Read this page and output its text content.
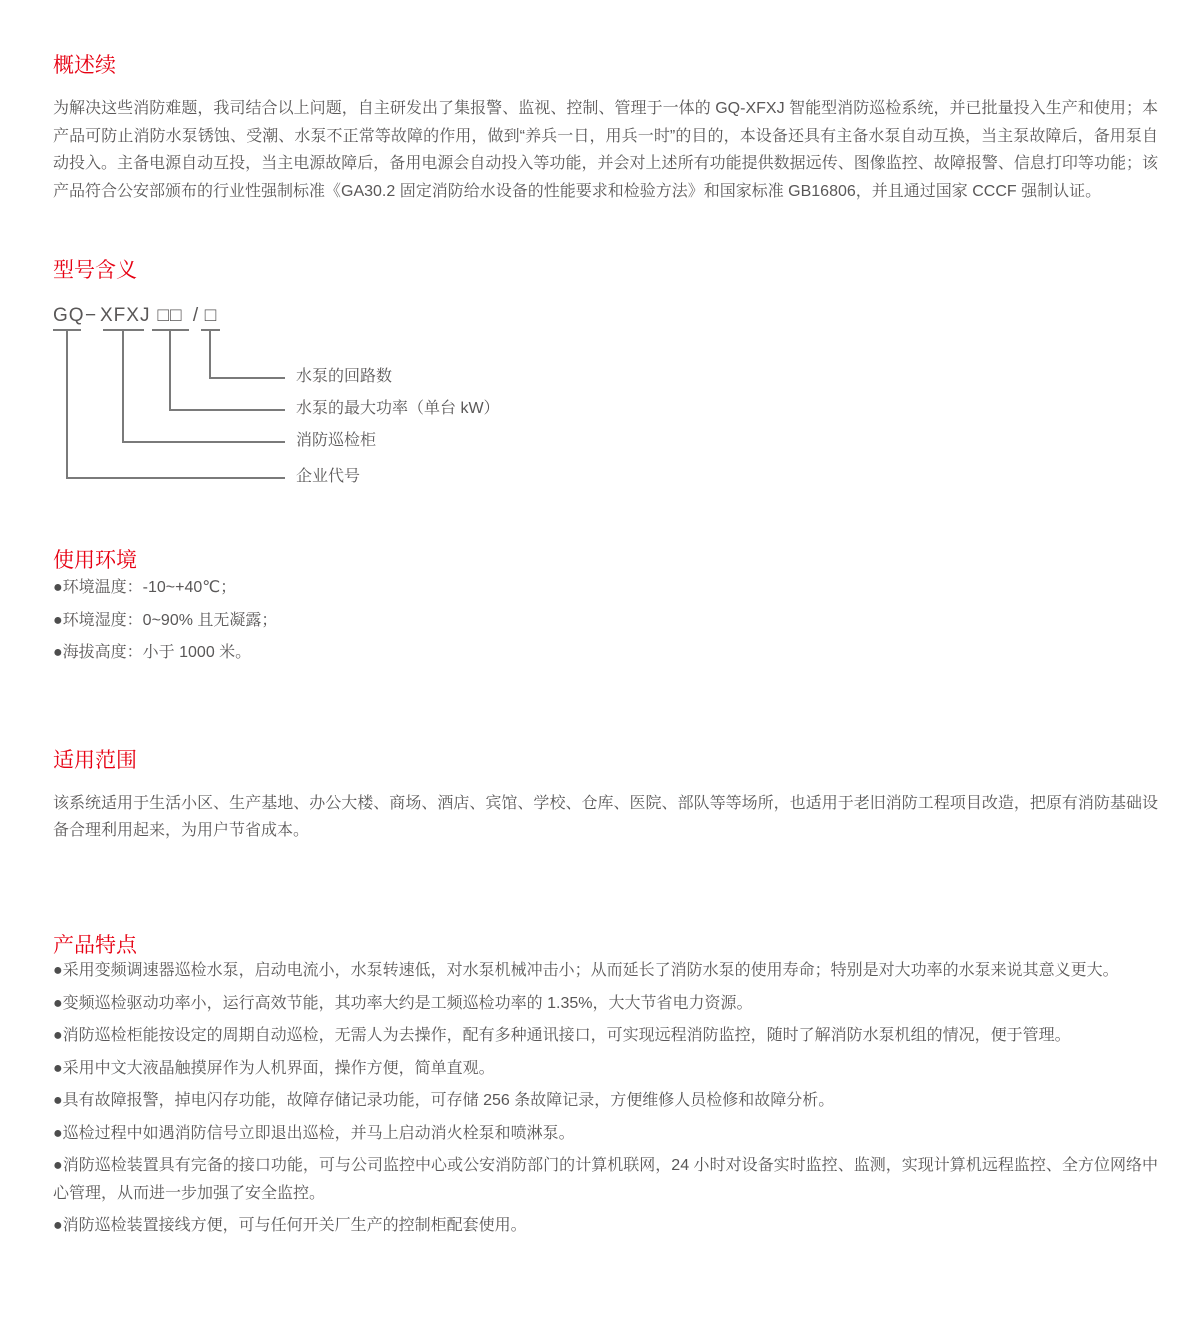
概述续

为解决这些消防难题，我司结合以上问题，自主研发出了集报警、监视、控制、管理于一体的 GQ-XFXJ 智能型消防巡检系统，并已批量投入生产和使用；本产品可防止消防水泵锈蚀、受潮、水泵不正常等故障的作用，做到“养兵一日，用兵一时”的目的，本设备还具有主备水泵自动互换，当主泵故障后，备用泵自动投入。主备电源自动互投，当主电源故障后，备用电源会自动投入等功能，并会对上述所有功能提供数据远传、图像监控、故障报警、信息打印等功能；该产品符合公安部颁布的行业性强制标准《GA30.2 固定消防给水设备的性能要求和检验方法》和国家标准 GB16806，并且通过国家 CCCF 强制认证。

型号含义
GQ − XFXJ □□ / □
水泵的回路数
水泵的最大功率（单台 kW）
消防巡检柜
企业代号
使用环境
●环境温度：-10~+40℃；
●环境湿度：0~90% 且无凝露；
●海拔高度：小于 1000 米。
适用范围

该系统适用于生活小区、生产基地、办公大楼、商场、酒店、宾馆、学校、仓库、医院、部队等等场所，也适用于老旧消防工程项目改造，把原有消防基础设备合理利用起来，为用户节省成本。

产品特点
●采用变频调速器巡检水泵，启动电流小，水泵转速低，对水泵机械冲击小；从而延长了消防水泵的使用寿命；特别是对大功率的水泵来说其意义更大。
●变频巡检驱动功率小，运行高效节能，其功率大约是工频巡检功率的 1.35%，大大节省电力资源。
●消防巡检柜能按设定的周期自动巡检，无需人为去操作，配有多种通讯接口，可实现远程消防监控，随时了解消防水泵机组的情况，便于管理。
●采用中文大液晶触摸屏作为人机界面，操作方便，简单直观。
●具有故障报警，掉电闪存功能，故障存储记录功能，可存储 256 条故障记录，方便维修人员检修和故障分析。
●巡检过程中如遇消防信号立即退出巡检，并马上启动消火栓泵和喷淋泵。
●消防巡检装置具有完备的接口功能，可与公司监控中心或公安消防部门的计算机联网，24 小时对设备实时监控、监测，实现计算机远程监控、全方位网络中心管理，从而进一步加强了安全监控。
●消防巡检装置接线方便，可与任何开关厂生产的控制柜配套使用。
